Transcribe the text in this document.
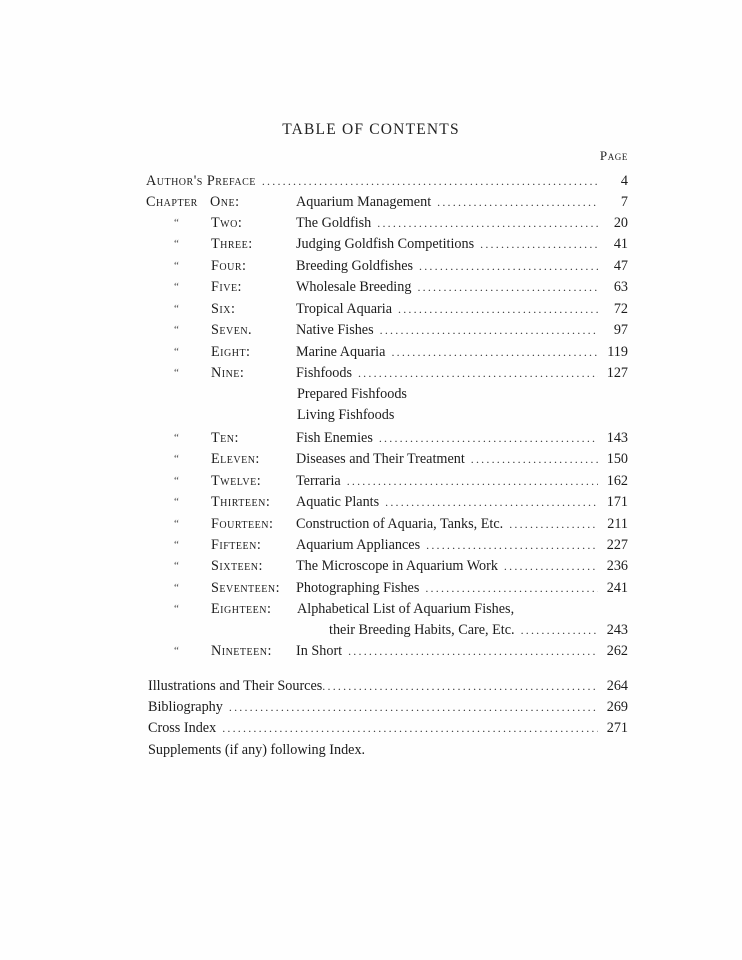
TABLE OF CONTENTS
Page
Author's Preface . . .	4
Chapter One:	Aquarium Management . . .	7
“ Two:	The Goldfish . . .	20
“ Three:	Judging Goldfish Competitions . . .	41
“ Four:	Breeding Goldfishes . . .	47
“ Five:	Wholesale Breeding . . .	63
“ Six:	Tropical Aquaria . . .	72
“ Seven.	Native Fishes . . .	97
“ Eight:	Marine Aquaria . . .	119
“ Nine:	Fishfoods . . .	127
Prepared Fishfoods
Living Fishfoods
“ Ten:	Fish Enemies . . .	143
“ Eleven:	Diseases and Their Treatment . . .	150
“ Twelve: Terraria . . .	162
“ Thirteen: Aquatic Plants . . .	171
“ Fourteen: Construction of Aquaria, Tanks, Etc. . . .	211
“ Fifteen: Aquarium Appliances . . .	227
“ Sixteen: The Microscope in Aquarium Work . . .	236
“ Seventeen: Photographing Fishes . . .	241
“ Eighteen: Alphabetical List of Aquarium Fishes,
their Breeding Habits, Care, Etc. . . .	243
“ Nineteen: In Short . . .	262
Illustrations and Their Sources . . .	264
Bibliography . . .	269
Cross Index . . .	271
Supplements (if any) following Index.
